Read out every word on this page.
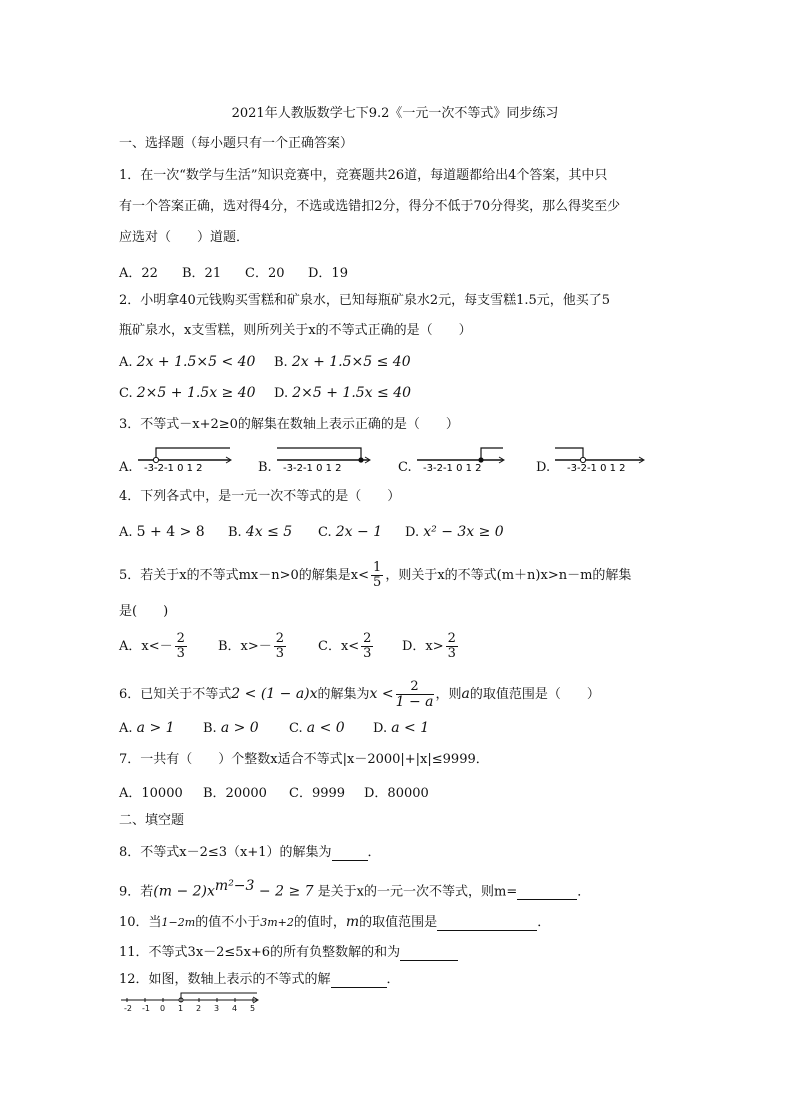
2021年人教版数学七下9.2《一元一次不等式》同步练习
一、选择题（每小题只有一个正确答案）
1．在一次“数学与生活”知识竞赛中，竞赛题共26道，每道题都给出4个答案，其中只
有一个答案正确，选对得4分，不选或选错扣2分，得分不低于70分得奖，那么得奖至少
应选对（　　）道题．
A．22 B．21 C．20 D．19
2．小明拿40元钱购买雪糕和矿泉水，已知每瓶矿泉水2元，每支雪糕1.5元，他买了5
瓶矿泉水，x支雪糕，则所列关于x的不等式正确的是（　　）
A. 2x + 1.5×5 < 40 B. 2x + 1.5×5 ≤ 40
C. 2×5 + 1.5x ≥ 40 D. 2×5 + 1.5x ≤ 40
3．不等式－x+2≥0的解集在数轴上表示正确的是（　　）
A. -3-2-1 0 1 2	B. -3-2-1 0 1 2	C. -3-2-1 0 1 2	D. -3-2-1 0 1 2
4．下列各式中，是一元一次不等式的是（　　）
A. 5 + 4 > 8 B. 4x ≤ 5 C. 2x − 1 D. x² − 3x ≥ 0
5．若关于x的不等式mx－n>0的解集是$x< \frac{1}{5}$ ，则关于x的不等式(m＋n)x>n－m的解集
是(　　)
A．$x<- \frac{2}{3}$ B．$x>- \frac{2}{3}$ C．$x< \frac{2}{3}$ D．$x> \frac{2}{3}$
6．已知关于不等式2 < (1 − a)x的解集为$x < \frac{2}{1 - a}$ ，则a的取值范围是（　　）
A. a > 1 B. a > 0 C. a < 0 D. a < 1
7．一共有（　　）个整数x适合不等式|x－2000|+|x|≤9999．
A．10000 B．20000 C．9999 D．80000
二、填空题
8．不等式x－2≤3（x+1）的解集为	．
9．若$(m - 2)x^{m^2-3} - 2 \ge 7$ 是关于x的一元一次不等式，则m=	．
10．当1−2m的值不小于3m+2的值时，m的取值范围是	．
11．不等式3x－2≤5x+6的所有负整数解的和为
12．如图，数轴上表示的不等式的解	．
-2 -1 0 1 2 3 4 5
